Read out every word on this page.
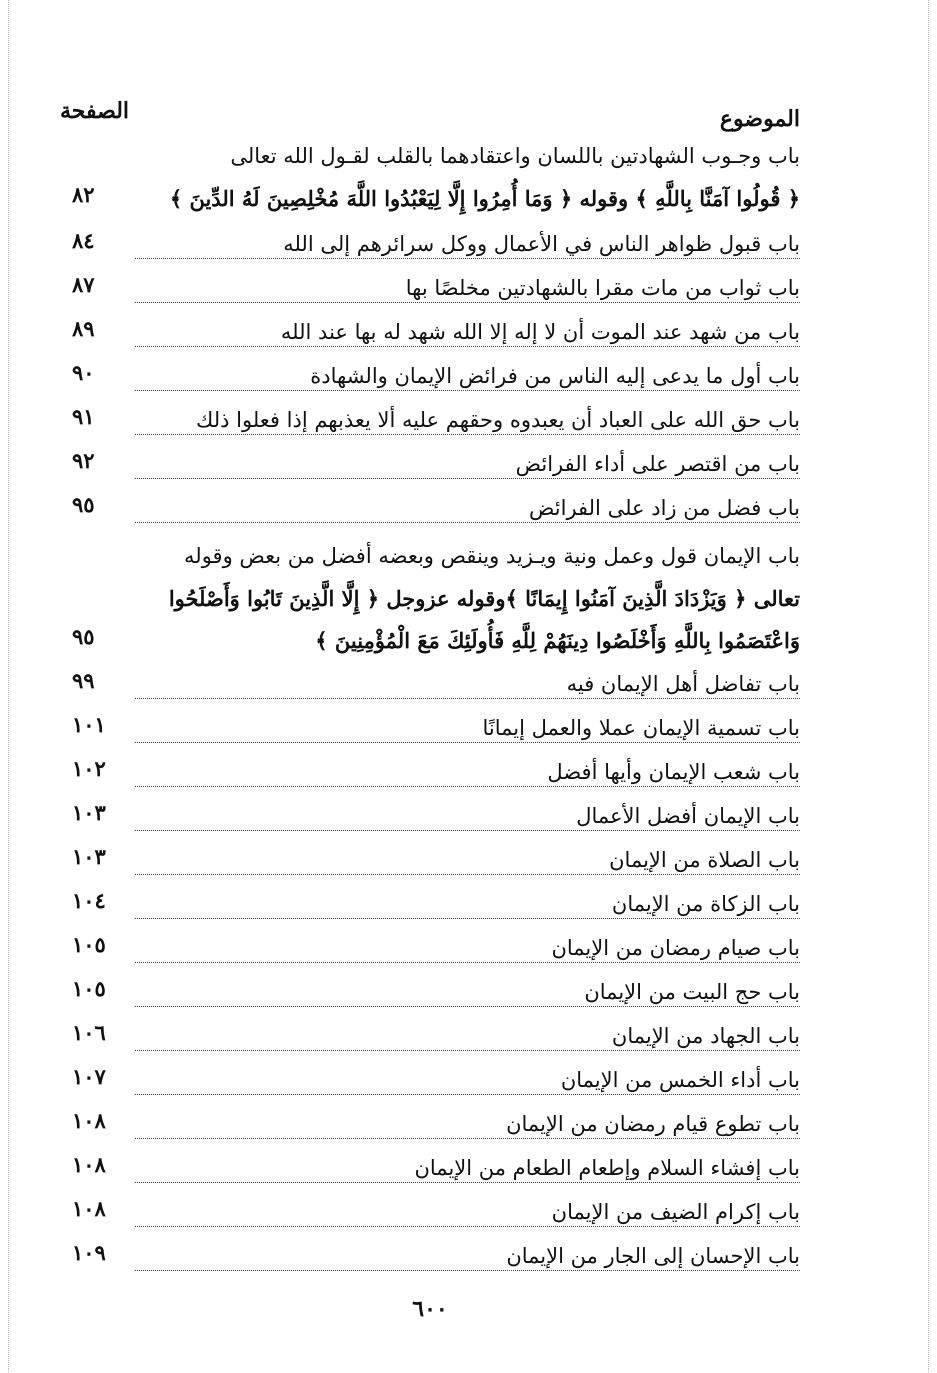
الموضوع
الصفحة
باب وجـوب الشهادتين باللسان واعتقادهما بالقلب لقـول الله تعالى
﴿ قُولُوا آمَنَّا بِاللَّهِ ﴾ وقوله ﴿ وَمَا أُمِرُوا إِلَّا لِيَعْبُدُوا اللَّهَ مُخْلِصِينَ لَهُ الدِّينَ ﴾
٨٢
باب قبول ظواهر الناس في الأعمال ووكل سرائرهم إلى الله
٨٤
باب ثواب من مات مقرا بالشهادتين مخلصًا بها
٨٧
باب من شهد عند الموت أن لا إله إلا الله شهد له بها عند الله
٨٩
باب أول ما يدعى إليه الناس من فرائض الإيمان والشهادة
٩٠
باب حق الله على العباد أن يعبدوه وحقهم عليه ألا يعذبهم إذا فعلوا ذلك
٩١
باب من اقتصر على أداء الفرائض
٩٢
باب فضل من زاد على الفرائض
٩٥
باب الإيمان قول وعمل ونية ويـزيد وينقص وبعضه أفضل من بعض وقوله
تعالى ﴿ وَيَزْدَادَ الَّذِينَ آمَنُوا إِيمَانًا ﴾وقوله عزوجل ﴿ إِلَّا الَّذِينَ تَابُوا وَأَصْلَحُوا
وَاعْتَصَمُوا بِاللَّهِ وَأَخْلَصُوا دِينَهُمْ لِلَّهِ فَأُولَئِكَ مَعَ الْمُؤْمِنِينَ ﴾
٩٥
باب تفاضل أهل الإيمان فيه
٩٩
باب تسمية الإيمان عملا والعمل إيمانًا
١٠١
باب شعب الإيمان وأيها أفضل
١٠٢
باب الإيمان أفضل الأعمال
١٠٣
باب الصلاة من الإيمان
١٠٣
باب الزكاة من الإيمان
١٠٤
باب صيام رمضان من الإيمان
١٠٥
باب حج البيت من الإيمان
١٠٥
باب الجهاد من الإيمان
١٠٦
باب أداء الخمس من الإيمان
١٠٧
باب تطوع قيام رمضان من الإيمان
١٠٨
باب إفشاء السلام وإطعام الطعام من الإيمان
١٠٨
باب إكرام الضيف من الإيمان
١٠٨
باب الإحسان إلى الجار من الإيمان
١٠٩
٦٠٠
